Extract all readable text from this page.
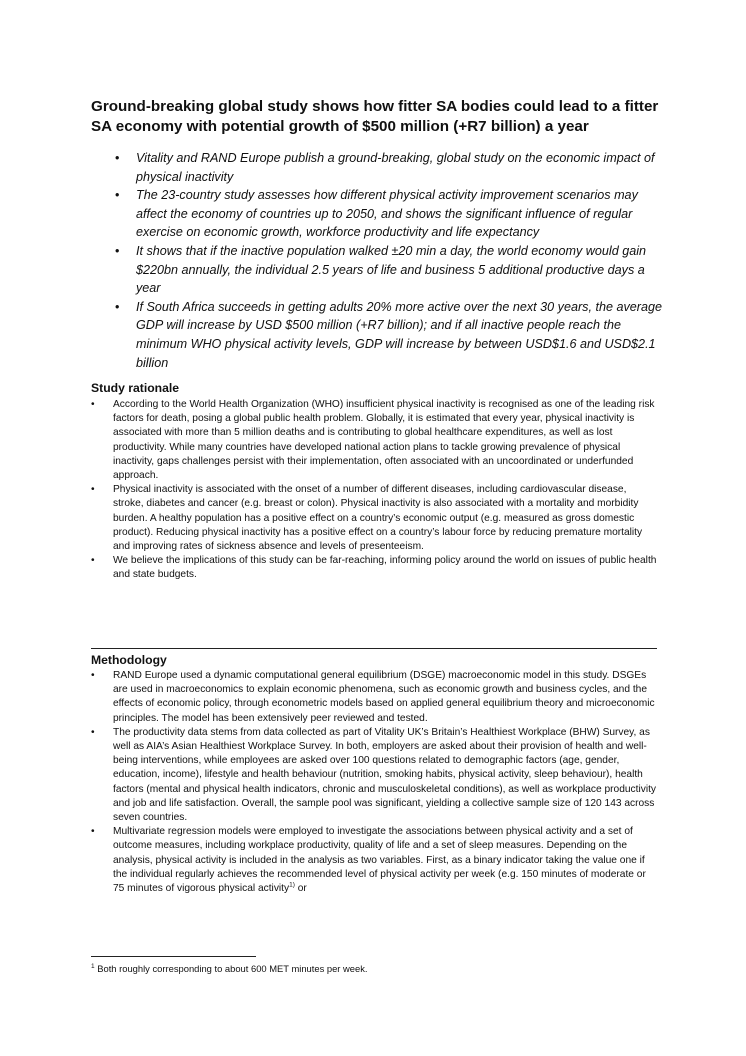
Ground-breaking global study shows how fitter SA bodies could lead to a fitter SA economy with potential growth of $500 million (+R7 billion) a year
• Vitality and RAND Europe publish a ground-breaking, global study on the economic impact of physical inactivity
• The 23-country study assesses how different physical activity improvement scenarios may affect the economy of countries up to 2050, and shows the significant influence of regular exercise on economic growth, workforce productivity and life expectancy
• It shows that if the inactive population walked ±20 min a day, the world economy would gain $220bn annually, the individual 2.5 years of life and business 5 additional productive days a year
• If South Africa succeeds in getting adults 20% more active over the next 30 years, the average GDP will increase by USD $500 million (+R7 billion); and if all inactive people reach the minimum WHO physical activity levels, GDP will increase by between USD$1.6 and USD$2.1 billion
Study rationale
• According to the World Health Organization (WHO) insufficient physical inactivity is recognised as one of the leading risk factors for death, posing a global public health problem. Globally, it is estimated that every year, physical inactivity is associated with more than 5 million deaths and is contributing to global healthcare expenditures, as well as lost productivity. While many countries have developed national action plans to tackle growing prevalence of physical inactivity, gaps challenges persist with their implementation, often associated with an uncoordinated or underfunded approach.
• Physical inactivity is associated with the onset of a number of different diseases, including cardiovascular disease, stroke, diabetes and cancer (e.g. breast or colon). Physical inactivity is also associated with a mortality and morbidity burden. A healthy population has a positive effect on a country’s economic output (e.g. measured as gross domestic product). Reducing physical inactivity has a positive effect on a country’s labour force by reducing premature mortality and improving rates of sickness absence and levels of presenteeism.
• We believe the implications of this study can be far-reaching, informing policy around the world on issues of public health and state budgets.
Methodology
• RAND Europe used a dynamic computational general equilibrium (DSGE) macroeconomic model in this study. DSGEs are used in macroeconomics to explain economic phenomena, such as economic growth and business cycles, and the effects of economic policy, through econometric models based on applied general equilibrium theory and microeconomic principles. The model has been extensively peer reviewed and tested.
• The productivity data stems from data collected as part of Vitality UK’s Britain’s Healthiest Workplace (BHW) Survey, as well as AIA’s Asian Healthiest Workplace Survey. In both, employers are asked about their provision of health and well-being interventions, while employees are asked over 100 questions related to demographic factors (age, gender, education, income), lifestyle and health behaviour (nutrition, smoking habits, physical activity, sleep behaviour), health factors (mental and physical health indicators, chronic and musculoskeletal conditions), as well as workplace productivity and job and life satisfaction. Overall, the sample pool was significant, yielding a collective sample size of 120 143 across seven countries.
• Multivariate regression models were employed to investigate the associations between physical activity and a set of outcome measures, including workplace productivity, quality of life and a set of sleep measures. Depending on the analysis, physical activity is included in the analysis as two variables. First, as a binary indicator taking the value one if the individual regularly achieves the recommended level of physical activity per week (e.g. 150 minutes of moderate or 75 minutes of vigorous physical activity$^{1)}$ or

$^1$ Both roughly corresponding to about 600 MET minutes per week.
